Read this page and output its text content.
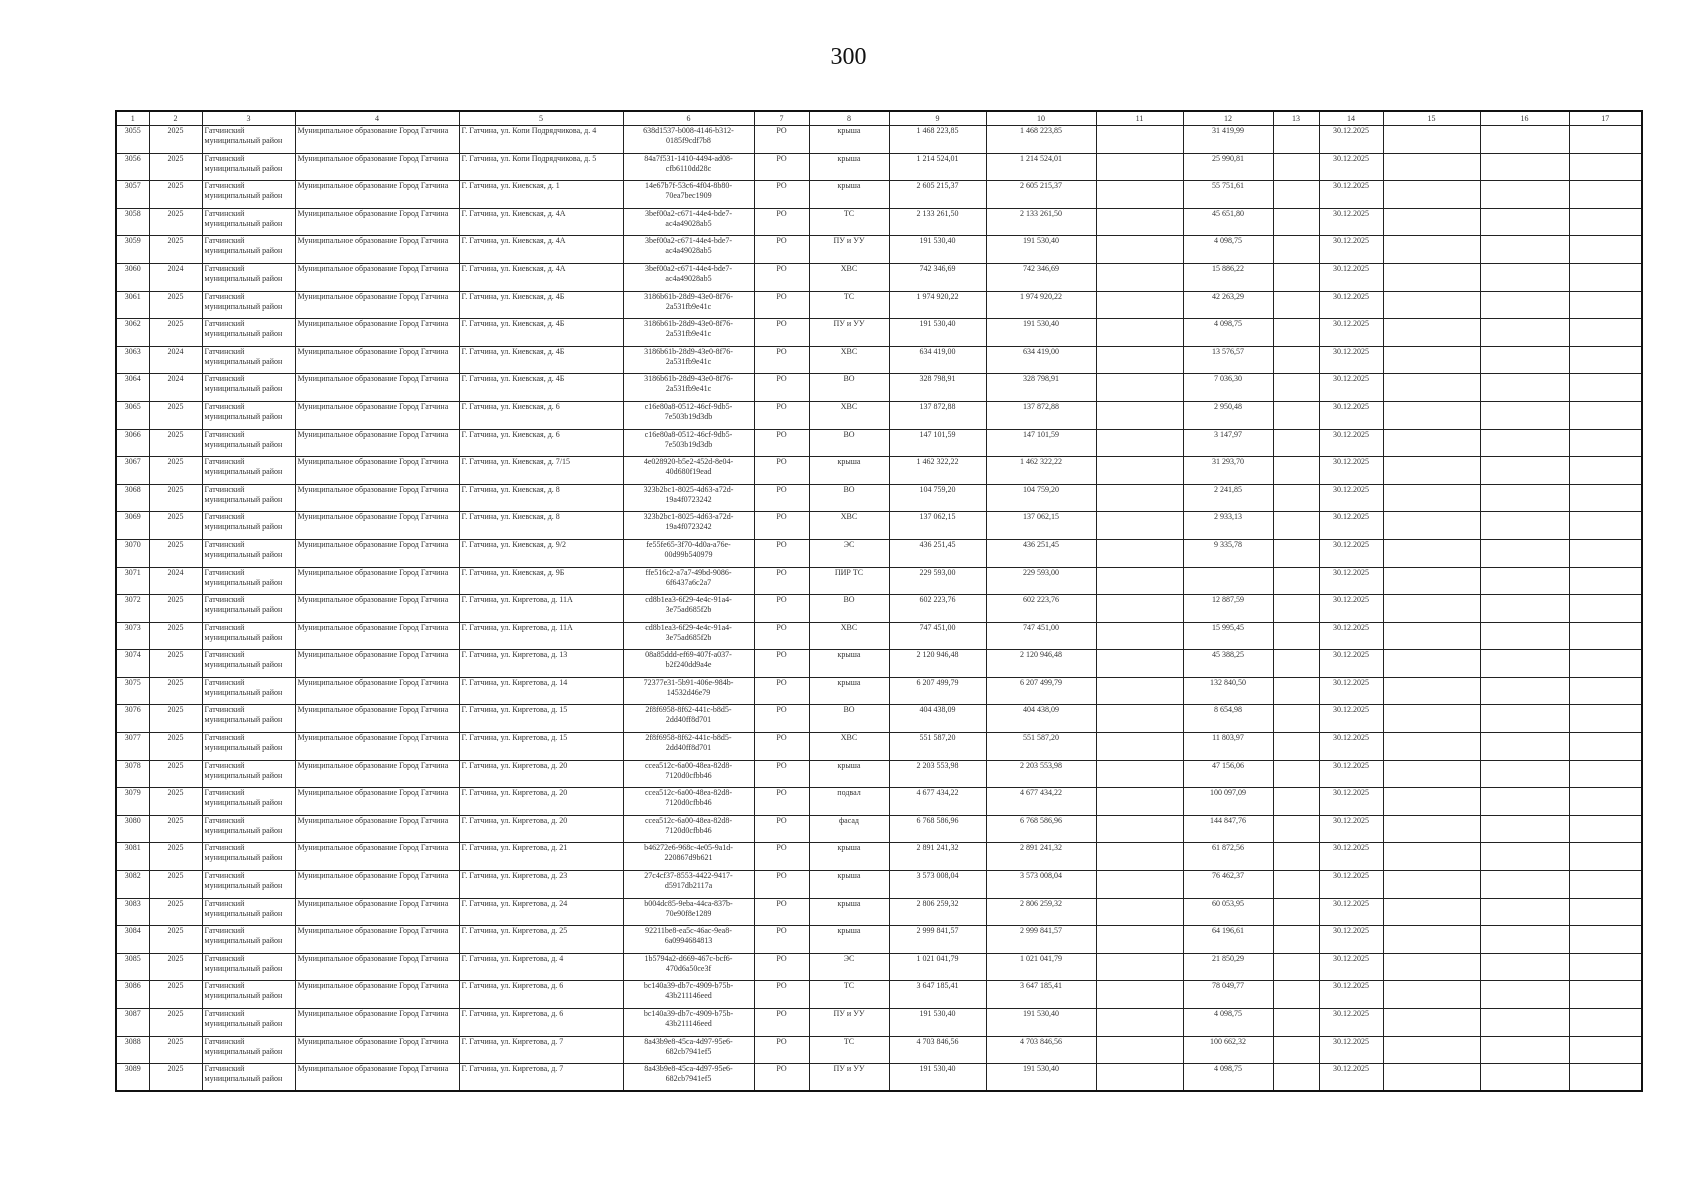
300
1	2	3	4	5	6	7	8	9	10	11	12	13	14	15	16	17
3055	2025	Гатчинский муниципальный район	Муниципальное образование Город Гатчина	Г. Гатчина, ул. Копи Подрядчикова, д. 4	638d1537-b008-4146-b312-0185f9cdf7b8	РО	крыша	1 468 223,85	1 468 223,85		31 419,99		30.12.2025			
3056	2025	Гатчинский муниципальный район	Муниципальное образование Город Гатчина	Г. Гатчина, ул. Копи Подрядчикова, д. 5	84a7f531-1410-4494-ad08-cfb6110dd28c	РО	крыша	1 214 524,01	1 214 524,01		25 990,81		30.12.2025			
3057	2025	Гатчинский муниципальный район	Муниципальное образование Город Гатчина	Г. Гатчина, ул. Киевская, д. 1	14e67b7f-53c6-4f04-8b80-70ea7bec1909	РО	крыша	2 605 215,37	2 605 215,37		55 751,61		30.12.2025			
3058	2025	Гатчинский муниципальный район	Муниципальное образование Город Гатчина	Г. Гатчина, ул. Киевская, д. 4А	3bef00a2-c671-44e4-bde7-ac4a49028ab5	РО	ТС	2 133 261,50	2 133 261,50		45 651,80		30.12.2025			
3059	2025	Гатчинский муниципальный район	Муниципальное образование Город Гатчина	Г. Гатчина, ул. Киевская, д. 4А	3bef00a2-c671-44e4-bde7-ac4a49028ab5	РО	ПУ и УУ	191 530,40	191 530,40		4 098,75		30.12.2025			
3060	2024	Гатчинский муниципальный район	Муниципальное образование Город Гатчина	Г. Гатчина, ул. Киевская, д. 4А	3bef00a2-c671-44e4-bde7-ac4a49028ab5	РО	ХВС	742 346,69	742 346,69		15 886,22		30.12.2025			
3061	2025	Гатчинский муниципальный район	Муниципальное образование Город Гатчина	Г. Гатчина, ул. Киевская, д. 4Б	3186b61b-28d9-43e0-8f76-2a531fb9e41c	РО	ТС	1 974 920,22	1 974 920,22		42 263,29		30.12.2025			
3062	2025	Гатчинский муниципальный район	Муниципальное образование Город Гатчина	Г. Гатчина, ул. Киевская, д. 4Б	3186b61b-28d9-43e0-8f76-2a531fb9e41c	РО	ПУ и УУ	191 530,40	191 530,40		4 098,75		30.12.2025			
3063	2024	Гатчинский муниципальный район	Муниципальное образование Город Гатчина	Г. Гатчина, ул. Киевская, д. 4Б	3186b61b-28d9-43e0-8f76-2a531fb9e41c	РО	ХВС	634 419,00	634 419,00		13 576,57		30.12.2025			
3064	2024	Гатчинский муниципальный район	Муниципальное образование Город Гатчина	Г. Гатчина, ул. Киевская, д. 4Б	3186b61b-28d9-43e0-8f76-2a531fb9e41c	РО	ВО	328 798,91	328 798,91		7 036,30		30.12.2025			
3065	2025	Гатчинский муниципальный район	Муниципальное образование Город Гатчина	Г. Гатчина, ул. Киевская, д. 6	c16e80a8-0512-46cf-9db5-7e503b19d3db	РО	ХВС	137 872,88	137 872,88		2 950,48		30.12.2025			
3066	2025	Гатчинский муниципальный район	Муниципальное образование Город Гатчина	Г. Гатчина, ул. Киевская, д. 6	c16e80a8-0512-46cf-9db5-7e503b19d3db	РО	ВО	147 101,59	147 101,59		3 147,97		30.12.2025			
3067	2025	Гатчинский муниципальный район	Муниципальное образование Город Гатчина	Г. Гатчина, ул. Киевская, д. 7/15	4e028920-b5e2-452d-8e04-40d680f19ead	РО	крыша	1 462 322,22	1 462 322,22		31 293,70		30.12.2025			
3068	2025	Гатчинский муниципальный район	Муниципальное образование Город Гатчина	Г. Гатчина, ул. Киевская, д. 8	323b2bc1-8025-4d63-a72d-19a4f0723242	РО	ВО	104 759,20	104 759,20		2 241,85		30.12.2025			
3069	2025	Гатчинский муниципальный район	Муниципальное образование Город Гатчина	Г. Гатчина, ул. Киевская, д. 8	323b2bc1-8025-4d63-a72d-19a4f0723242	РО	ХВС	137 062,15	137 062,15		2 933,13		30.12.2025			
3070	2025	Гатчинский муниципальный район	Муниципальное образование Город Гатчина	Г. Гатчина, ул. Киевская, д. 9/2	fe55fe65-3f70-4d0a-a76e-00d99b540979	РО	ЭС	436 251,45	436 251,45		9 335,78		30.12.2025			
3071	2024	Гатчинский муниципальный район	Муниципальное образование Город Гатчина	Г. Гатчина, ул. Киевская, д. 9Б	ffe516c2-a7a7-49bd-9086-6f6437a6c2a7	РО	ПИР ТС	229 593,00	229 593,00				30.12.2025			
3072	2025	Гатчинский муниципальный район	Муниципальное образование Город Гатчина	Г. Гатчина, ул. Киргетова, д. 11А	cd8b1ea3-6f29-4e4c-91a4-3e75ad685f2b	РО	ВО	602 223,76	602 223,76		12 887,59		30.12.2025			
3073	2025	Гатчинский муниципальный район	Муниципальное образование Город Гатчина	Г. Гатчина, ул. Киргетова, д. 11А	cd8b1ea3-6f29-4e4c-91a4-3e75ad685f2b	РО	ХВС	747 451,00	747 451,00		15 995,45		30.12.2025			
3074	2025	Гатчинский муниципальный район	Муниципальное образование Город Гатчина	Г. Гатчина, ул. Киргетова, д. 13	08a85ddd-ef69-407f-a037-b2f240dd9a4e	РО	крыша	2 120 946,48	2 120 946,48		45 388,25		30.12.2025			
3075	2025	Гатчинский муниципальный район	Муниципальное образование Город Гатчина	Г. Гатчина, ул. Киргетова, д. 14	72377e31-5b91-406e-984b-14532d46e79	РО	крыша	6 207 499,79	6 207 499,79		132 840,50		30.12.2025			
3076	2025	Гатчинский муниципальный район	Муниципальное образование Город Гатчина	Г. Гатчина, ул. Киргетова, д. 15	2f8f6958-8f62-441c-b8d5-2dd40ff8d701	РО	ВО	404 438,09	404 438,09		8 654,98		30.12.2025			
3077	2025	Гатчинский муниципальный район	Муниципальное образование Город Гатчина	Г. Гатчина, ул. Киргетова, д. 15	2f8f6958-8f62-441c-b8d5-2dd40ff8d701	РО	ХВС	551 587,20	551 587,20		11 803,97		30.12.2025			
3078	2025	Гатчинский муниципальный район	Муниципальное образование Город Гатчина	Г. Гатчина, ул. Киргетова, д. 20	ccea512c-6a00-48ea-82d8-7120d0cfbb46	РО	крыша	2 203 553,98	2 203 553,98		47 156,06		30.12.2025			
3079	2025	Гатчинский муниципальный район	Муниципальное образование Город Гатчина	Г. Гатчина, ул. Киргетова, д. 20	ccea512c-6a00-48ea-82d8-7120d0cfbb46	РО	подвал	4 677 434,22	4 677 434,22		100 097,09		30.12.2025			
3080	2025	Гатчинский муниципальный район	Муниципальное образование Город Гатчина	Г. Гатчина, ул. Киргетова, д. 20	ccea512c-6a00-48ea-82d8-7120d0cfbb46	РО	фасад	6 768 586,96	6 768 586,96		144 847,76		30.12.2025			
3081	2025	Гатчинский муниципальный район	Муниципальное образование Город Гатчина	Г. Гатчина, ул. Киргетова, д. 21	b46272e6-968c-4e05-9a1d-220867d9b621	РО	крыша	2 891 241,32	2 891 241,32		61 872,56		30.12.2025			
3082	2025	Гатчинский муниципальный район	Муниципальное образование Город Гатчина	Г. Гатчина, ул. Киргетова, д. 23	27c4cf37-8553-4422-9417-d5917db2117a	РО	крыша	3 573 008,04	3 573 008,04		76 462,37		30.12.2025			
3083	2025	Гатчинский муниципальный район	Муниципальное образование Город Гатчина	Г. Гатчина, ул. Киргетова, д. 24	b004dc85-9eba-44ca-837b-70e90f8e1289	РО	крыша	2 806 259,32	2 806 259,32		60 053,95		30.12.2025			
3084	2025	Гатчинский муниципальный район	Муниципальное образование Город Гатчина	Г. Гатчина, ул. Киргетова, д. 25	92211be8-ea5c-46ac-9ea8-6a0994684813	РО	крыша	2 999 841,57	2 999 841,57		64 196,61		30.12.2025			
3085	2025	Гатчинский муниципальный район	Муниципальное образование Город Гатчина	Г. Гатчина, ул. Киргетова, д. 4	1b5794a2-d669-467c-bcf6-470d6a50ce3f	РО	ЭС	1 021 041,79	1 021 041,79		21 850,29		30.12.2025			
3086	2025	Гатчинский муниципальный район	Муниципальное образование Город Гатчина	Г. Гатчина, ул. Киргетова, д. 6	bc140a39-db7c-4909-b75b-43b211146eed	РО	ТС	3 647 185,41	3 647 185,41		78 049,77		30.12.2025			
3087	2025	Гатчинский муниципальный район	Муниципальное образование Город Гатчина	Г. Гатчина, ул. Киргетова, д. 6	bc140a39-db7c-4909-b75b-43b211146eed	РО	ПУ и УУ	191 530,40	191 530,40		4 098,75		30.12.2025			
3088	2025	Гатчинский муниципальный район	Муниципальное образование Город Гатчина	Г. Гатчина, ул. Киргетова, д. 7	8a43b9e8-45ca-4d97-95e6-682cb7941ef5	РО	ТС	4 703 846,56	4 703 846,56		100 662,32		30.12.2025			
3089	2025	Гатчинский муниципальный район	Муниципальное образование Город Гатчина	Г. Гатчина, ул. Киргетова, д. 7	8a43b9e8-45ca-4d97-95e6-682cb7941ef5	РО	ПУ и УУ	191 530,40	191 530,40		4 098,75		30.12.2025			
